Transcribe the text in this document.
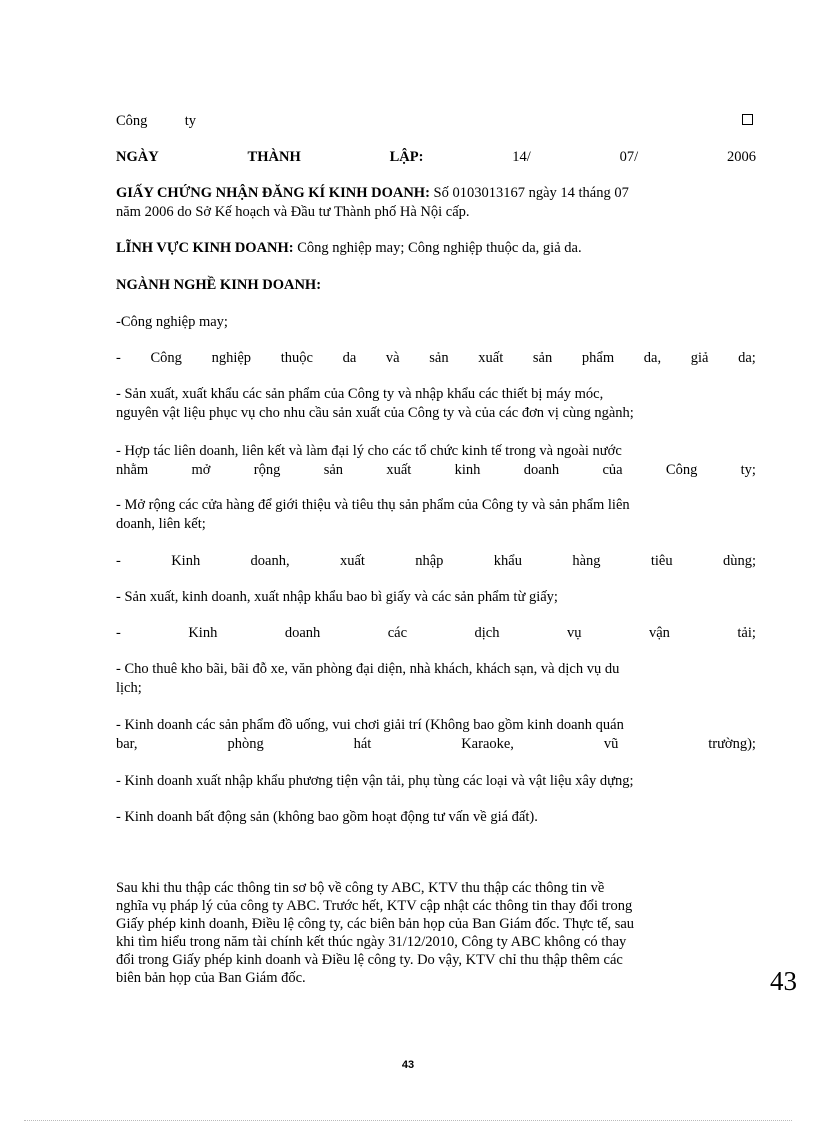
Công	ty
NGÀY	THÀNH	LẬP:	14/	07/	2006
GIẤY CHỨNG NHẬN ĐĂNG KÍ KINH DOANH: Số 0103013167 ngày 14 tháng 07
năm 2006 do Sở Kế hoạch và Đầu tư Thành phố Hà Nội cấp.
LĨNH VỰC KINH DOANH: Công nghiệp may; Công nghiệp thuộc da, giả da.
NGÀNH NGHỀ KINH DOANH:
-Công nghiệp may;
- Công nghiệp thuộc da và sản xuất sản phẩm da, giả da;
- Sản xuất, xuất khẩu các sản phẩm của Công ty và nhập khẩu các thiết bị máy móc,
nguyên vật liệu phục vụ cho nhu cầu sản xuất của Công ty và của các đơn vị cùng ngành;
- Hợp tác liên doanh, liên kết và làm đại lý cho các tổ chức kinh tế trong và ngoài nước
nhằm	mở	rộng	sản	xuất	kinh	doanh	của	Công	ty;
- Mở rộng các cửa hàng để giới thiệu và tiêu thụ sản phẩm của Công ty và sản phẩm liên
doanh, liên kết;
-	Kinh	doanh,	xuất	nhập	khẩu	hàng	tiêu	dùng;
- Sản xuất, kinh doanh, xuất nhập khẩu bao bì giấy và các sản phẩm từ giấy;
-	Kinh	doanh	các	dịch	vụ	vận	tải;
- Cho thuê kho bãi, bãi đỗ xe, văn phòng đại diện, nhà khách, khách sạn, và dịch vụ du
lịch;
- Kinh doanh các sản phẩm đồ uống, vui chơi giải trí (Không bao gồm kinh doanh quán
bar,	phòng	hát	Karaoke,	vũ	trường);
- Kinh doanh xuất nhập khẩu phương tiện vận tải, phụ tùng các loại và vật liệu xây dựng;
- Kinh doanh bất động sản (không bao gồm hoạt động tư vấn về giá đất).
Sau khi thu thập các thông tin sơ bộ về công ty ABC, KTV thu thập các thông tin về
nghĩa vụ pháp lý của công ty ABC. Trước hết, KTV cập nhật các thông tin thay đổi trong
Giấy phép kinh doanh, Điều lệ công ty, các biên bản họp của Ban Giám đốc. Thực tế, sau
khi tìm hiểu trong năm tài chính kết thúc ngày 31/12/2010, Công ty ABC không có thay
đổi trong Giấy phép kinh doanh và Điều lệ công ty. Do vậy, KTV chỉ thu thập thêm các
biên bản họp của Ban Giám đốc.	43
43
